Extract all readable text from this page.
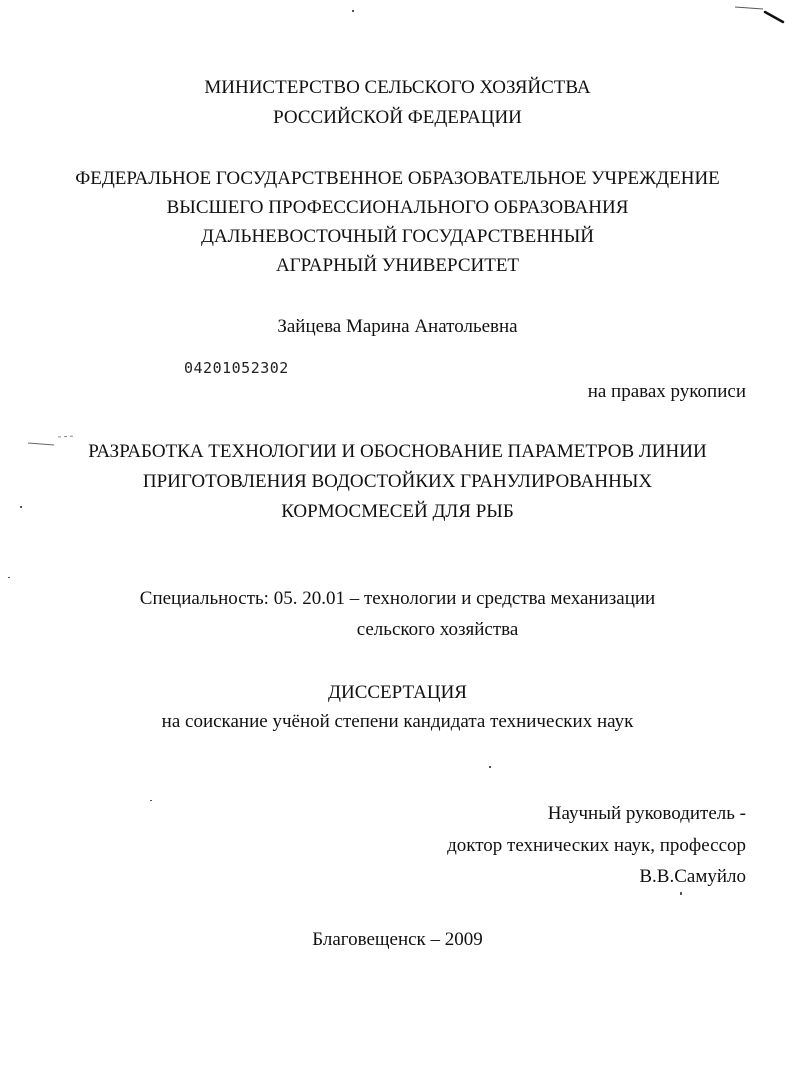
МИНИСТЕРСТВО СЕЛЬСКОГО ХОЗЯЙСТВА
РОССИЙСКОЙ ФЕДЕРАЦИИ
ФЕДЕРАЛЬНОЕ ГОСУДАРСТВЕННОЕ ОБРАЗОВАТЕЛЬНОЕ УЧРЕЖДЕНИЕ
ВЫСШЕГО ПРОФЕССИОНАЛЬНОГО ОБРАЗОВАНИЯ
ДАЛЬНЕВОСТОЧНЫЙ ГОСУДАРСТВЕННЫЙ
АГРАРНЫЙ УНИВЕРСИТЕТ
Зайцева Марина Анатольевна
04201052302
на правах рукописи
РАЗРАБОТКА ТЕХНОЛОГИИ И ОБОСНОВАНИЕ ПАРАМЕТРОВ ЛИНИИ
ПРИГОТОВЛЕНИЯ ВОДОСТОЙКИХ ГРАНУЛИРОВАННЫХ
КОРМОСМЕСЕЙ ДЛЯ РЫБ
Специальность: 05. 20.01 – технологии и средства механизации
сельского хозяйства
ДИССЕРТАЦИЯ
на соискание учёной степени кандидата технических наук
Научный руководитель -
доктор технических наук, профессор
В.В.Самуйло
Благовещенск – 2009
